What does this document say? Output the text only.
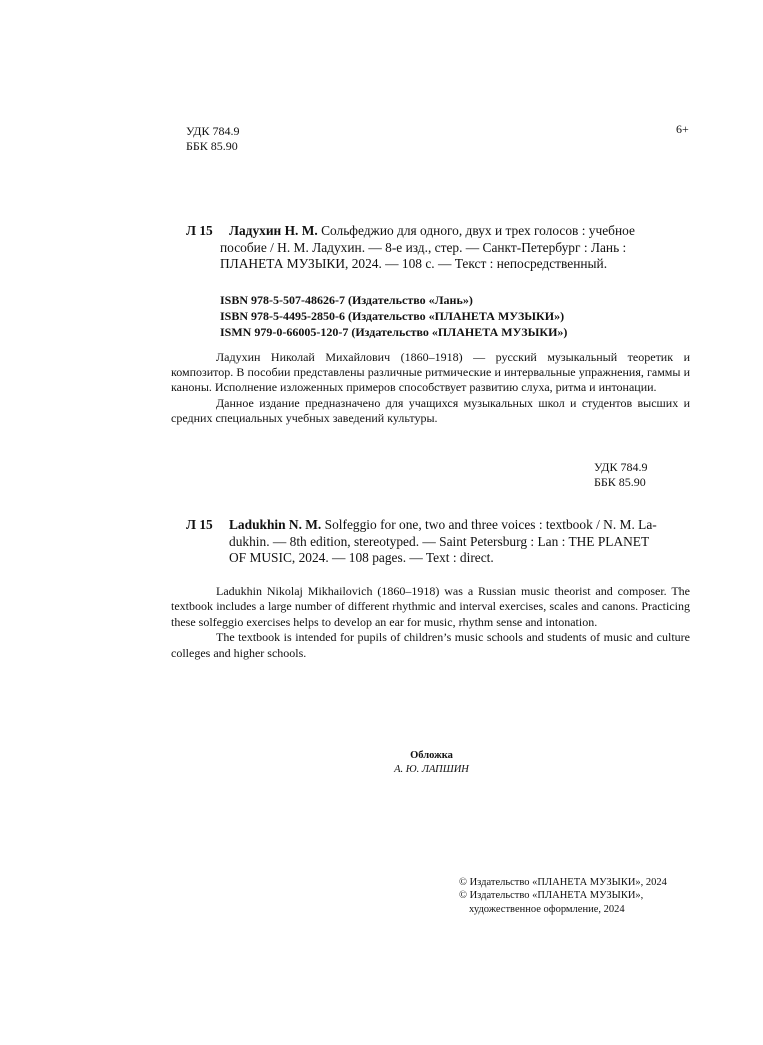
УДК 784.9
ББК 85.90
6+
Л 15	Ладухин Н. М. Сольфеджио для одного, двух и трех голосов : учебное
пособие / Н. М. Ладухин. — 8-е изд., стер. — Санкт-Петербург : Лань :
ПЛАНЕТА МУЗЫКИ, 2024. — 108 с. — Текст : непосредственный.
ISBN 978-5-507-48626-7 (Издательство «Лань»)
ISBN 978-5-4495-2850-6 (Издательство «ПЛАНЕТА МУЗЫКИ»)
ISMN 979-0-66005-120-7 (Издательство «ПЛАНЕТА МУЗЫКИ»)

Ладухин Николай Михайлович (1860–1918) — русский музыкальный теоретик и композитор. В пособии представлены различные ритмические и интервальные упражнения, гаммы и каноны. Исполнение изложенных примеров способствует развитию слуха, ритма и интонации.

Данное издание предназначено для учащихся музыкальных школ и студентов высших и средних специальных учебных заведений культуры.

УДК 784.9
ББК 85.90
Л 15	Ladukhin N. M. Solfeggio for one, two and three voices : textbook / N. M. La-
dukhin. — 8th edition, stereotyped. — Saint Petersburg : Lan : THE PLANET
OF MUSIC, 2024. — 108 pages. — Text : direct.

Ladukhin Nikolaj Mikhailovich (1860–1918) was a Russian music theorist and composer. The textbook includes a large number of different rhythmic and interval exercises, scales and canons. Practicing these solfeggio exercises helps to develop an ear for music, rhythm sense and intonation.

The textbook is intended for pupils of children’s music schools and students of music and culture colleges and higher schools.

Обложка
А. Ю. ЛАПШИН
© Издательство «ПЛАНЕТА МУЗЫКИ», 2024
© Издательство «ПЛАНЕТА МУЗЫКИ»,
художественное оформление, 2024
